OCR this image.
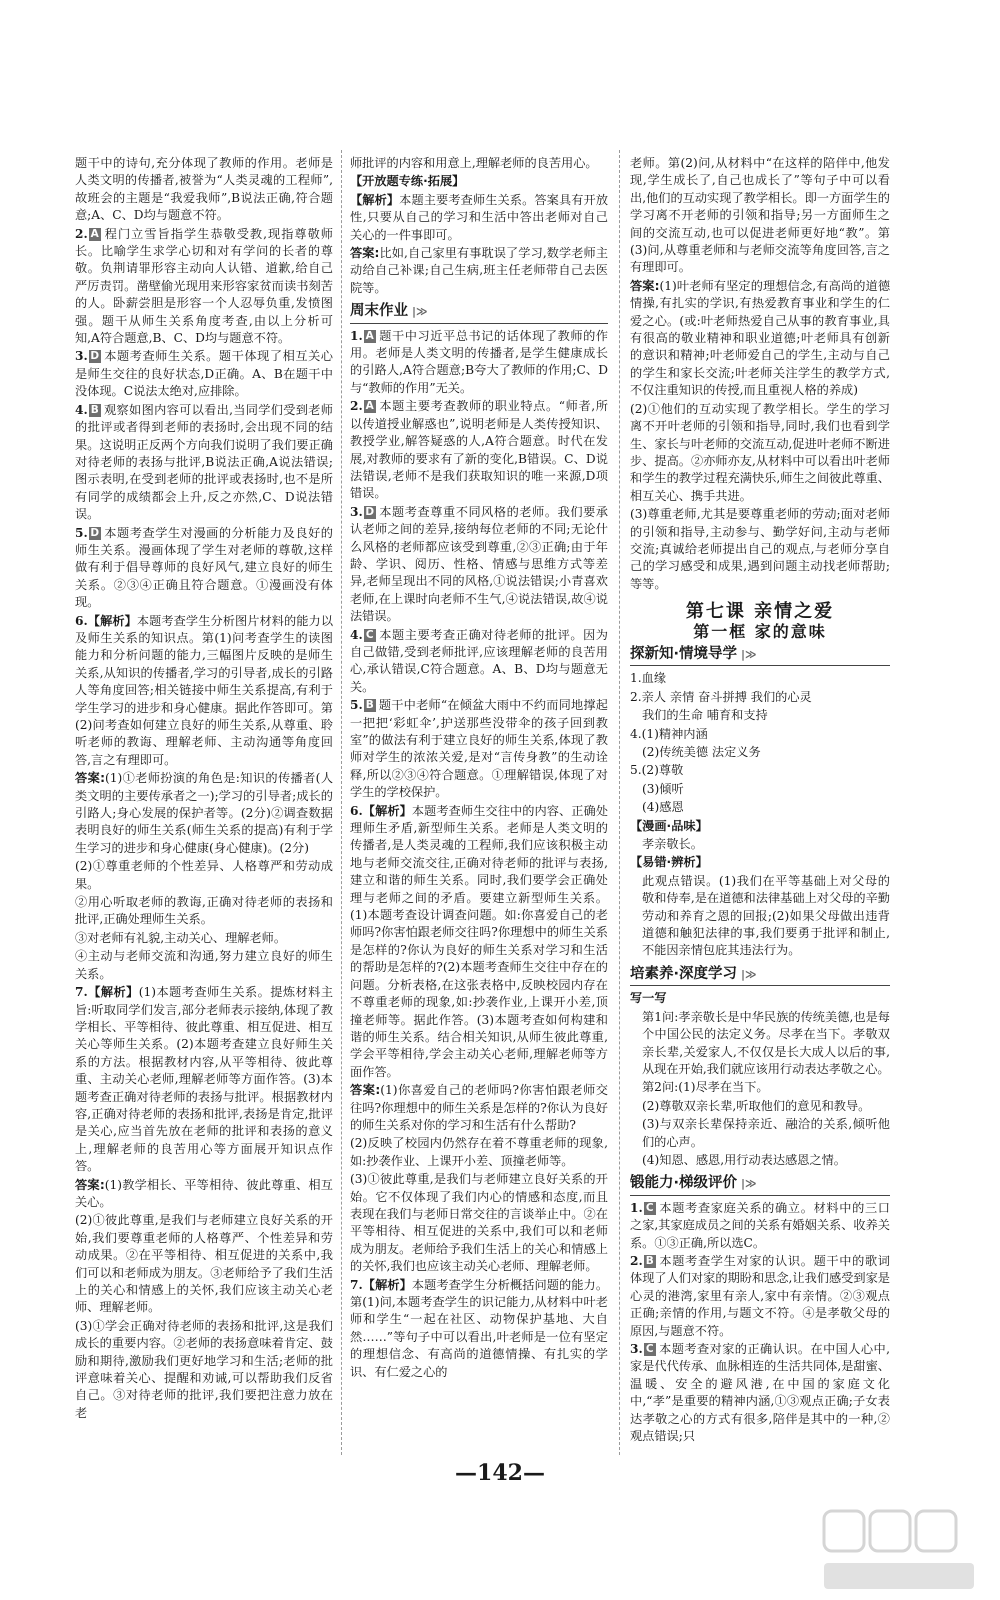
题干中的诗句,充分体现了教师的作用。老师是人类文明的传播者,被誉为“人类灵魂的工程师”,故班会的主题是“我爱我师”,B说法正确,符合题意;A、C、D均与题意不符。

2. A 程门立雪旨指学生恭敬受教,现指尊敬师长。比喻学生求学心切和对有学问的长者的尊敬。负荆请罪形容主动向人认错、道歉,给自己严厉责罚。凿壁偷光现用来形容家贫而读书刻苦的人。卧薪尝胆是形容一个人忍辱负重,发愤图强。题干从师生关系角度考查,由以上分析可知,A符合题意,B、C、D均与题意不符。

3. D 本题考查师生关系。题干体现了相互关心是师生交往的良好状态,D正确。A、B在题干中没体现。C说法太绝对,应排除。

4. B 观察如图内容可以看出,当同学们受到老师的批评或者得到老师的表扬时,会出现不同的结果。这说明正反两个方向我们说明了我们要正确对待老师的表扬与批评,B说法正确,A说法错误;图示表明,在受到老师的批评或表扬时,也不是所有同学的成绩都会上升,反之亦然,C、D说法错误。

5. D 本题考查学生对漫画的分析能力及良好的师生关系。漫画体现了学生对老师的尊敬,这样做有利于倡导尊师的良好风气,建立良好的师生关系。②③④正确且符合题意。①漫画没有体现。

6.【解析】本题考查学生分析图片材料的能力以及师生关系的知识点。第(1)问考查学生的读图能力和分析问题的能力,三幅图片反映的是师生关系,从知识的传播者,学习的引导者,成长的引路人等角度回答;相关链接中师生关系提高,有利于学生学习的进步和身心健康。据此作答即可。第(2)问考查如何建立良好的师生关系,从尊重、聆听老师的教诲、理解老师、主动沟通等角度回答,言之有理即可。

答案:(1)①老师扮演的角色是:知识的传播者(人类文明的主要传承者之一);学习的引导者;成长的引路人;身心发展的保护者等。(2分)②调查数据表明良好的师生关系(师生关系的提高)有利于学生学习的进步和身心健康(身心健康)。(2分)

(2)①尊重老师的个性差异、人格尊严和劳动成果。

②用心听取老师的教诲,正确对待老师的表扬和批评,正确处理师生关系。

③对老师有礼貌,主动关心、理解老师。

④主动与老师交流和沟通,努力建立良好的师生关系。

7.【解析】(1)本题考查师生关系。提炼材料主旨:听取同学们发言,部分老师表示接纳,体现了教学相长、平等相待、彼此尊重、相互促进、相互关心等师生关系。(2)本题考查建立良好师生关系的方法。根据教材内容,从平等相待、彼此尊重、主动关心老师,理解老师等方面作答。(3)本题考查正确对待老师的表扬与批评。根据教材内容,正确对待老师的表扬和批评,表扬是肯定,批评是关心,应当首先放在老师的批评和表扬的意义上,理解老师的良苦用心等方面展开知识点作答。

答案:(1)教学相长、平等相待、彼此尊重、相互关心。

(2)①彼此尊重,是我们与老师建立良好关系的开始,我们要尊重老师的人格尊严、个性差异和劳动成果。②在平等相待、相互促进的关系中,我们可以和老师成为朋友。③老师给予了我们生活上的关心和情感上的关怀,我们应该主动关心老师、理解老师。

(3)①学会正确对待老师的表扬和批评,这是我们成长的重要内容。②老师的表扬意味着肯定、鼓励和期待,激励我们更好地学习和生活;老师的批评意味着关心、提醒和劝诫,可以帮助我们反省自己。③对待老师的批评,我们要把注意力放在老

师批评的内容和用意上,理解老师的良苦用心。

【开放题专练·拓展】

【解析】本题主要考查师生关系。答案具有开放性,只要从自己的学习和生活中答出老师对自己关心的一件事即可。

答案:比如,自己家里有事耽误了学习,数学老师主动给自己补课;自己生病,班主任老师带自己去医院等。

周末作业 |≫

1. A 题干中习近平总书记的话体现了教师的作用。老师是人类文明的传播者,是学生健康成长的引路人,A符合题意;B夸大了教师的作用;C、D与“教师的作用”无关。

2. A 本题主要考查教师的职业特点。“师者,所以传道授业解惑也”,说明老师是人类传授知识、教授学业,解答疑惑的人,A符合题意。时代在发展,对教师的要求有了新的变化,B错误。C、D说法错误,老师不是我们获取知识的唯一来源,D项错误。

3. D 本题考查尊重不同风格的老师。我们要承认老师之间的差异,接纳每位老师的不同;无论什么风格的老师都应该受到尊重,②③正确;由于年龄、学识、阅历、性格、情感与思维方式等差异,老师呈现出不同的风格,①说法错误;小青喜欢老师,在上课时向老师不生气,④说法错误,故④说法错误。

4. C 本题主要考查正确对待老师的批评。因为自己做错,受到老师批评,应该理解老师的良苦用心,承认错误,C符合题意。A、B、D均与题意无关。

5. B 题干中老师“在倾盆大雨中不约而同地撑起一把把‘彩虹伞’,护送那些没带伞的孩子回到教室”的做法有利于建立良好的师生关系,体现了教师对学生的浓浓关爱,是对“言传身教”的生动诠释,所以②③④符合题意。①理解错误,体现了对学生的学校保护。

6.【解析】本题考查师生交往中的内容、正确处理师生矛盾,新型师生关系。老师是人类文明的传播者,是人类灵魂的工程师,我们应该积极主动地与老师交流交往,正确对待老师的批评与表扬,建立和谐的师生关系。同时,我们要学会正确处理与老师之间的矛盾。要建立新型师生关系。(1)本题考查设计调查问题。如:你喜爱自己的老师吗?你害怕跟老师交往吗?你理想中的师生关系是怎样的?你认为良好的师生关系对学习和生活的帮助是怎样的?(2)本题考查师生交往中存在的问题。分析表格,在这张表格中,反映校园内存在不尊重老师的现象,如:抄袭作业,上课开小差,顶撞老师等。据此作答。(3)本题考查如何构建和谐的师生关系。结合相关知识,从师生彼此尊重,学会平等相待,学会主动关心老师,理解老师等方面作答。

答案:(1)你喜爱自己的老师吗?你害怕跟老师交往吗?你理想中的师生关系是怎样的?你认为良好的师生关系对你的学习和生活有什么帮助?

(2)反映了校园内仍然存在着不尊重老师的现象,如:抄袭作业、上课开小差、顶撞老师等。

(3)①彼此尊重,是我们与老师建立良好关系的开始。它不仅体现了我们内心的情感和态度,而且表现在我们与老师日常交往的言谈举止中。②在平等相待、相互促进的关系中,我们可以和老师成为朋友。老师给予我们生活上的关心和情感上的关怀,我们也应该主动关心老师、理解老师。

7.【解析】本题考查学生分析概括问题的能力。第(1)问,本题考查学生的识记能力,从材料中叶老师和学生“一起在社区、动物保护基地、大自然……”等句子中可以看出,叶老师是一位有坚定的理想信念、有高尚的道德情操、有扎实的学识、有仁爱之心的

老师。第(2)问,从材料中“在这样的陪伴中,他发现,学生成长了,自己也成长了”等句子中可以看出,他们的互动实现了教学相长。即一方面学生的学习离不开老师的引领和指导;另一方面师生之间的交流互动,也可以促进老师更好地“教”。第(3)问,从尊重老师和与老师交流等角度回答,言之有理即可。

答案:(1)叶老师有坚定的理想信念,有高尚的道德情操,有扎实的学识,有热爱教育事业和学生的仁爱之心。(或:叶老师热爱自己从事的教育事业,具有很高的敬业精神和职业道德;叶老师具有创新的意识和精神;叶老师爱自己的学生,主动与自己的学生和家长交流;叶老师关注学生的教学方式,不仅注重知识的传授,而且重视人格的养成)

(2)①他们的互动实现了教学相长。学生的学习离不开叶老师的引领和指导,同时,我们也看到学生、家长与叶老师的交流互动,促进叶老师不断进步、提高。②亦师亦友,从材料中可以看出叶老师和学生的教学过程充满快乐,师生之间彼此尊重、相互关心、携手共进。

(3)尊重老师,尤其是要尊重老师的劳动;面对老师的引领和指导,主动参与、勤学好问,主动与老师交流;真诚给老师提出自己的观点,与老师分享自己的学习感受和成果,遇到问题主动找老师帮助;等等。

第七课 亲情之爱
第一框 家的意味
探新知·情境导学 |≫

1.血缘

2.亲人 亲情 奋斗拼搏 我们的心灵

我们的生命 哺育和支持

4.(1)精神内涵

(2)传统美德 法定义务

5.(2)尊敬

(3)倾听

(4)感恩

【漫画·品味】

孝亲敬长。

【易错·辨析】

此观点错误。(1)我们在平等基础上对父母的敬和侍奉,是在道德和法律基础上对父母的辛勤劳动和养育之恩的回报;(2)如果父母做出违背道德和触犯法律的事,我们要勇于批评和制止,不能因亲情包庇其违法行为。

培素养·深度学习 |≫

写一写

第1问:孝亲敬长是中华民族的传统美德,也是每个中国公民的法定义务。尽孝在当下。孝敬双亲长辈,关爱家人,不仅仅是长大成人以后的事,从现在开始,我们就应该用行动表达孝敬之心。

第2问:(1)尽孝在当下。

(2)尊敬双亲长辈,听取他们的意见和教导。

(3)与双亲长辈保持亲近、融洽的关系,倾听他们的心声。

(4)知恩、感恩,用行动表达感恩之情。

锻能力·梯级评价 |≫

1. C 本题考查家庭关系的确立。材料中的三口之家,其家庭成员之间的关系有婚姻关系、收养关系。①③正确,所以选C。

2. B 本题考查学生对家的认识。题干中的歌词体现了人们对家的期盼和思念,让我们感受到家是心灵的港湾,家里有亲人,家中有亲情。②③观点正确;亲情的作用,与题文不符。④是孝敬父母的原因,与题意不符。

3. C 本题考查对家的正确认识。在中国人心中,家是代代传承、血脉相连的生活共同体,是甜蜜、温暖、安全的避风港,在中国的家庭文化中,“孝”是重要的精神内涵,①③观点正确;子女表达孝敬之心的方式有很多,陪伴是其中的一种,②观点错误;只

—142—
